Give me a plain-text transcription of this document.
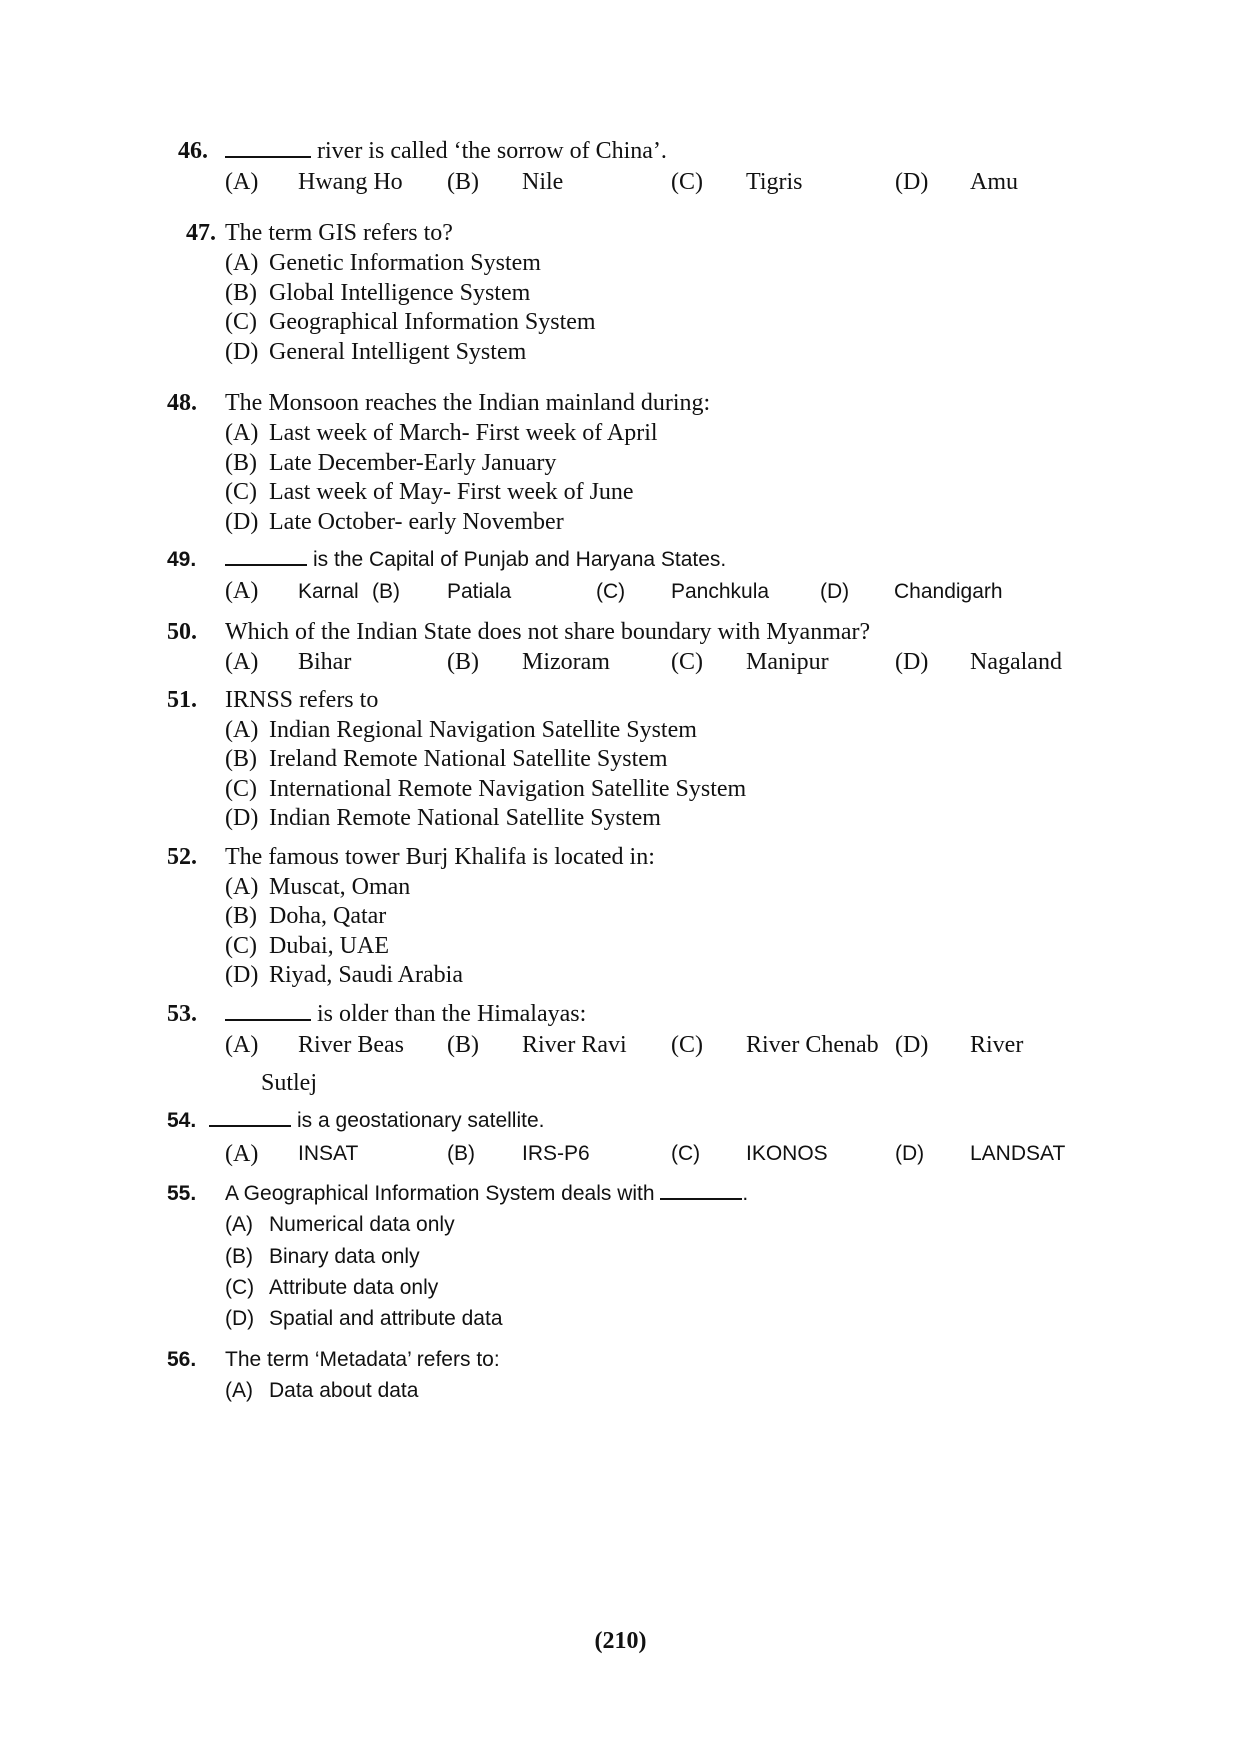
46.	river is called ‘the sorrow of China’.
(A) Hwang Ho (B) Nile	(C) Tigris	(D) Amu
47. The term GIS refers to?
(A) Genetic Information System
(B) Global Intelligence System
(C) Geographical Information System
(D) General Intelligent System
48. The Monsoon reaches the Indian mainland during:
(A) Last week of March- First week of April
(B) Late December-Early January
(C) Last week of May- First week of June
(D) Late October- early November
49.	is the Capital of Punjab and Haryana States.
(A) Karnal (B) Patiala	(C) Panchkula (D) Chandigarh
50. Which of the Indian State does not share boundary with Myanmar?
(A) Bihar	(B) Mizoram	(C) Manipur	(D) Nagaland
51. IRNSS refers to
(A) Indian Regional Navigation Satellite System
(B) Ireland Remote National Satellite System
(C) International Remote Navigation Satellite System
(D) Indian Remote National Satellite System
52. The famous tower Burj Khalifa is located in:
(A) Muscat, Oman
(B) Doha, Qatar
(C) Dubai, UAE
(D) Riyad, Saudi Arabia
53.	is older than the Himalayas:
(A) River Beas (B) River Ravi (C) River Chenab (D) River
Sutlej
54.	is a geostationary satellite.
(A) INSAT	(B) IRS-P6	(C) IKONOS	(D) LANDSAT
55. A Geographical Information System deals with	.
(A) Numerical data only
(B) Binary data only
(C) Attribute data only
(D) Spatial and attribute data
56. The term ‘Metadata’ refers to:
(A) Data about data
(210)
